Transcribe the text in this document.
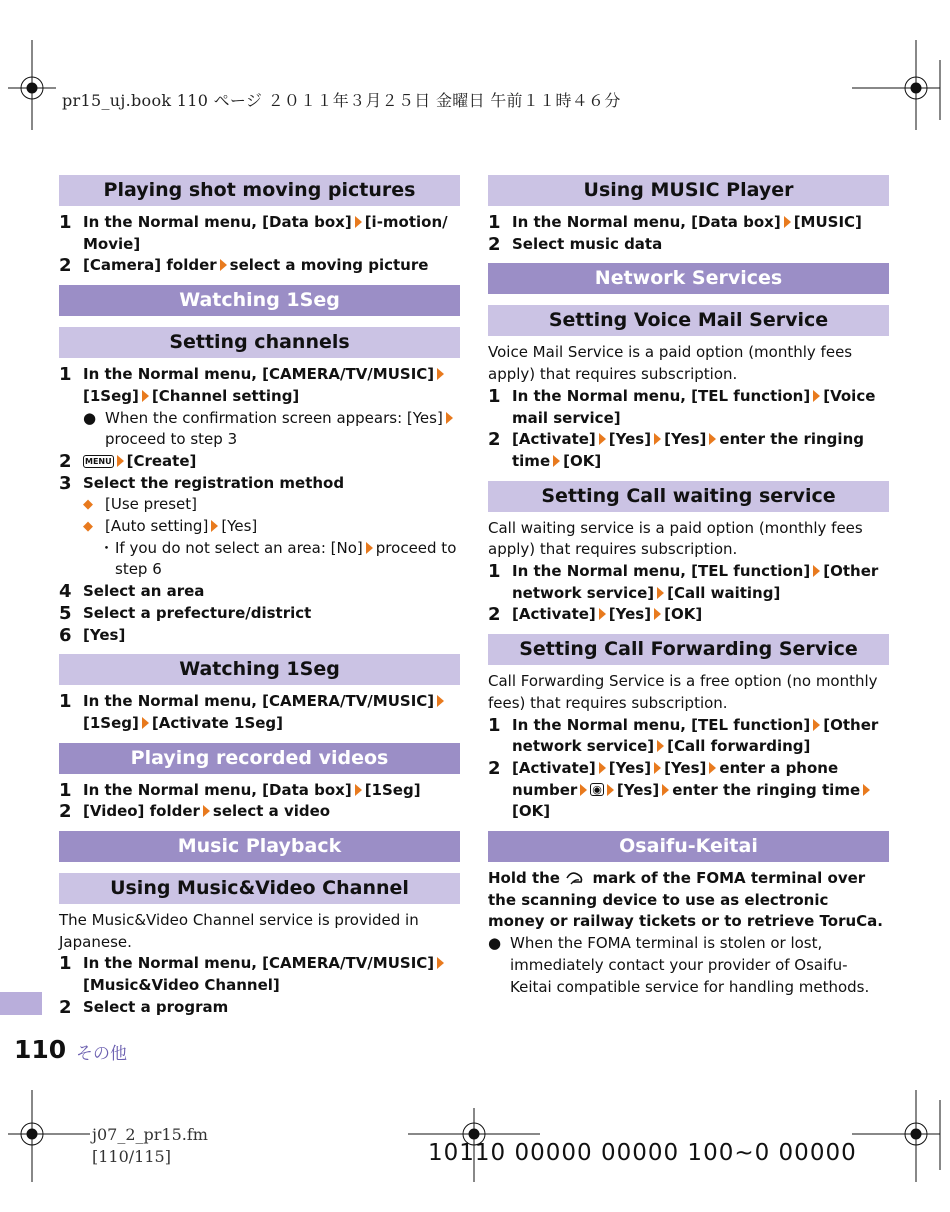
pr15_uj.book 110 ページ ２０１１年３月２５日 金曜日 午前１１時４６分
Playing shot moving pictures
1 In the Normal menu, [Data box] [i-motion/ Movie]
2 [Camera] folder select a moving picture
Watching 1Seg
Setting channels
1 In the Normal menu, [CAMERA/TV/MUSIC][1Seg] [Channel setting]
● When the confirmation screen appears: [Yes]proceed to step 3
2	MENU [Create]
3 Select the registration method
◆ [Use preset]
◆ [Auto setting] [Yes]
・ If you do not select an area: [No] proceed to step 6
4 Select an area
5 Select a prefecture/district
6 [Yes]
Watching 1Seg
1 In the Normal menu, [CAMERA/TV/MUSIC][1Seg] [Activate 1Seg]
Playing recorded videos
1 In the Normal menu, [Data box] [1Seg]
2 [Video] folder select a video
Music Playback
Using Music&Video Channel
The Music&Video Channel service is provided in Japanese.
1 In the Normal menu, [CAMERA/TV/MUSIC][Music&Video Channel]
2 Select a program
Using MUSIC Player
1 In the Normal menu, [Data box] [MUSIC]
2 Select music data
Network Services
Setting Voice Mail Service
Voice Mail Service is a paid option (monthly fees apply) that requires subscription.
1 In the Normal menu, [TEL function] [Voice mail service]
2 [Activate] [Yes] [Yes] enter the ringing time [OK]
Setting Call waiting service
Call waiting service is a paid option (monthly fees apply) that requires subscription.
1 In the Normal menu, [TEL function] [Other network service] [Call waiting]
2 [Activate] [Yes] [OK]
Setting Call Forwarding Service
Call Forwarding Service is a free option (no monthly fees) that requires subscription.
1 In the Normal menu, [TEL function] [Other network service] [Call forwarding]
2 [Activate] [Yes] [Yes] enter a phone number ◉ [Yes] enter the ringing time[OK]
Osaifu-Keitai
Hold the mark of the FOMA terminal over the scanning device to use as electronic money or railway tickets or to retrieve ToruCa.
● When the FOMA terminal is stolen or lost, immediately contact your provider of Osaifu-Keitai compatible service for handling methods.
110 その他
j07_2_pr15.fm
[110/115]	10110 00000 00000 100~0 00000
